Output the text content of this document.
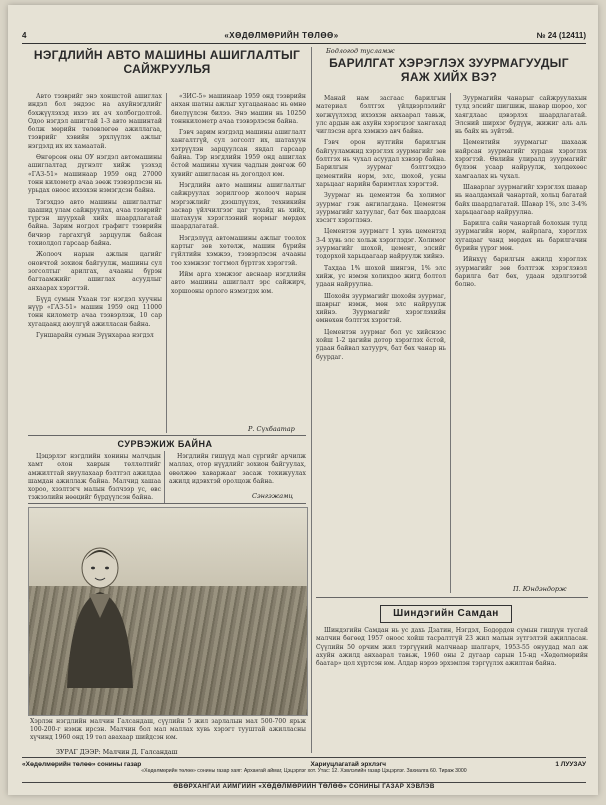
4	«ХӨДӨЛМӨРИЙН ТӨЛӨӨ»	№ 24 (12411)
НЭГДЛИЙН АВТО МАШИНЫ АШИГЛАЛТЫГ САЙЖРУУЛЬЯ

Авто тээврийг энэ хоншстой ашиглах индэл бол эндээс на ахуйнэгдлийг бэхжүүлэхэд ихээ их ач холбогдолтой. Одоо нэгдэл ашигтай 1-3 авто машинтай болж мөрийн төлөвлөгөө ажиллагаа, тээврийг хэвийн эрхлүүлэх ажлыг нэгдэлд их их хамаатай.

Өнгөрсөн оны ОУ нэгдэл автомашины ашиглалтад дүгнэлт хийж үзэхэд «ГАЗ-51» машинаар 1959 онд 27000 тонн километр ачаа зөөж тээвэрлэсэн нь урьдах оноос ихээхэн нэмэгдсэн байна.

Тэгэхдээ авто машины ашиглалтыг цаашид улам сайжруулах, ачаа тээврийг түргэн шуурхай хийх шаардлагатай байна. Зарим ногдол графигт тээврийн бичвэр гаргахгүй зарцуулж байсан тохиолдол гарсаар байна.

Жолооч нарын ажлын цагийг оновчтой зохион байгуулж, машины сул зогсолтыг арилгах, ачааны бүрэн багтаамжийг ашиглах асуудлыг анхаарах хэрэгтэй.

Бүүд сумын Ухаан тэг нэгдэл хуучны нүүр «ГАЗ-51» машин 1959 онд 11000 тонн километр ачаа тээвэрлэж, 10 сар хугацаанд аюулгүй ажилласан байна.

Гуншарайн сумын Зүүнхараа нэгдэл

«ЗИС-5» машинаар 1959 онд тээврийн анхан шатны ажлыг хугацаанаас нь өмнө биелүүлсэн билээ. Энэ машин нь 10250 тоннкилометр ачаа тээвэрлэсэн байна.

Гэвч зарим нэгдэлд машины ашиглалт хангалтгүй, сул зогсолт их, шатахуун хэтрүүлэн зарцуулсан явдал гарсаар байна. Тэр нэгдлийн 1959 онд ашиглах ёстой машины хүчин чадлын дөнгөж 60 хувийг ашигласан нь доголдол юм.

Нэгдлийн авто машины ашиглалтыг сайжруулах зорилгоор жолооч нарын мэргэжлийг дээшлүүлэх, техникийн засвар үйлчилгээг цаг тухайд нь хийх, шатахуун хэрэглээний нормыг мөрдөх шаардлагатай.

Нэгдэлүүд автомашины ажлыг тоолох картыг зөв хөтөлж, машин бүрийн гүйлтийн хэмжээ, тээвэрлэсэн ачааны тоо хэмжээг тогтмол бүртгэх хэрэгтэй.

Ийм арга хэмжээг авснаар нэгдлийн авто машины ашиглалт эрс сайжирч, хоршооны орлого нэмэгдэх юм.

Р. Сүхбаатар
СУРВЭЖИЖ БАЙНА

Цэцэрлэг нэгдлийн хонины малчдын хамт олон хаврын төллөлтийг амжилттай явуулахаар бэлтгэл ажилдаа шамдан ажиллаж байна. Малчид хашаа хороо, хээлтэгч малын бэлчээр ус, өвс тэжээлийн нөөцийг бүрдүүлсэн байна.

Нэгдлийн гишүүд мал сүргийг арчилж маллах, отор нүүдлийг зохион байгуулах, өвөлжөө хаваржааг засаж тохижуулах ажилд идэвхтэй оролцож байна.

Сэнгэжамц
Хэрлэн нэгдлийн малчин Галсандаш, сүүлийн 5 жил зарлалын мал 500-700 ярьж 100-200-г нэмж ирсэн. Малчин бол мал маллах хувь хэрэгт тууштай ажилласны хүчинд 1960 онд 19 төл авахаар шийдсэн юм.
ЗУРАГ ДЭЭР: Малчин Д. Галсандаш
Бодлогод тусламж
БАРИЛГАТ ХЭРЭГЛЭХ ЗУУРМАГУУДЫГ ЯАЖ ХИЙХ ВЭ?

Манай нам засгаас барилгын материал бэлтгэх үйлдвэрлэлийг хөгжүүлэхэд ихээхэн анхаарал тавьж, улс ардын аж ахуйн хэрэгцээг хангахад чиглэсэн арга хэмжээ авч байна.

Гэвч орон нутгийн барилгын байгууламжид хэрэглэх зуурмагийг зөв бэлтгэх нь чухал асуудал хэвээр байна. Барилгын зуурмаг бэлтгэхдээ цементийн норм, элс, шохой, усны харьцааг нарийн баримтлах хэрэгтэй.

Зуурмаг нь цементэн ба холимог зуурмаг гэж ангилагдана. Цементэн зуурмагийг хатуулаг, бат бөх шаардсан хэсэгт хэрэглэнэ.

Цементэн зуурмагт 1 хувь цементэд 3-4 хувь элс хольж хэрэглэдэг. Холимог зуурмагийг шохой, цемент, элсийг тодорхой харьцаагаар найруулж хийнэ.

Тахдаа 1% шохой шингэн, 1% элс хийж, ус нэмэн холихдоо жигд болтол удаан найруулна.

Шохойн зуурмагийг шохойн зуурмаг, шаврыг нэмж, мөн элс найруулж хийнэ. Зуурмагийг хэрэглэхийн өмнөхөн бэлтгэх хэрэгтэй.

Цементэн зуурмаг бол ус хийснээс хойш 1-2 цагийн дотор хэрэглэх ёстой, удаан байвал хатуурч, бат бөх чанар нь буурдаг.

Зуурмагийн чанарыг сайжруулахын тулд элсийг шигшиж, шавар шороо, хог хаягдлаас цэвэрлэх шаардлагатай. Элсний ширхэг бүдүүн, жижиг аль аль нь байх нь зүйтэй.

Цементийн зуурмагыг шахааж найрсан зуурмагийг хурдан хэрэглэх хэрэгтэй. Өвлийн улиралд зуурмагийг бүлээн усаар найруулж, хөлдөхөөс хамгаалах нь чухал.

Шаварлаг зуурмагийг хэрэглэх шавар нь наалдамхай чанартай, хольц багатай байх шаардлагатай. Шавар 1%, элс 3-4% харьцаагаар найруулна.

Барилга сайн чанартай болохын тулд зуурмагийн норм, найрлага, хэрэглэх хугацааг чанд мөрдөх нь барилгачин бүрийн үүрэг мөн.

Ийнхүү барилгын ажилд хэрэглэх зуурмагийг зөв бэлтгэж хэрэглэвэл барилга бат бөх, удаан эдэлгээтэй болно.

П. Юндэндорж
Шиндэгийн Самдан

Шиндэгийн Самдан нь ус дахь Дзатин, Нэгдэл, Бодордон сумын гишүүн тусгай малчин бөгөөд 1957 оноос хойш тасралтгүй 23 жил малын зүтгэлтэй ажилласан. Сүүлийн 50 орчим жил тэргүүний малчнаар шалгарч, 1953-55 онуудад мал аж ахуйн ажилд анхаарал тавьж, 1960 оны 2 дугаар сарын 15-нд «Хөдөлмөрийн баатар» цол хүртсэн юм. Алдар нэрээ эрхэмлэн тэргүүлэх ажилтан байна.

«Хөдөлмөрийн төлөө» сонины газар	Хариуцлагатай эрхлэгч	1 ЛУУЗАУ
«Хөдөлмөрийн төлөө» сонины газар хаяг: Архангай аймаг, Цэцэрлэг хот. Утас: 12. Хэвлэлийн газар Цэцэрлэг. Захиалга 60. Тираж 3000
ӨВӨРХАНГАЙ АЙМГИЙН «ХӨДӨЛМӨРИЙН ТӨЛӨӨ» СОНИНЫ ГАЗАР ХЭВЛЭВ
